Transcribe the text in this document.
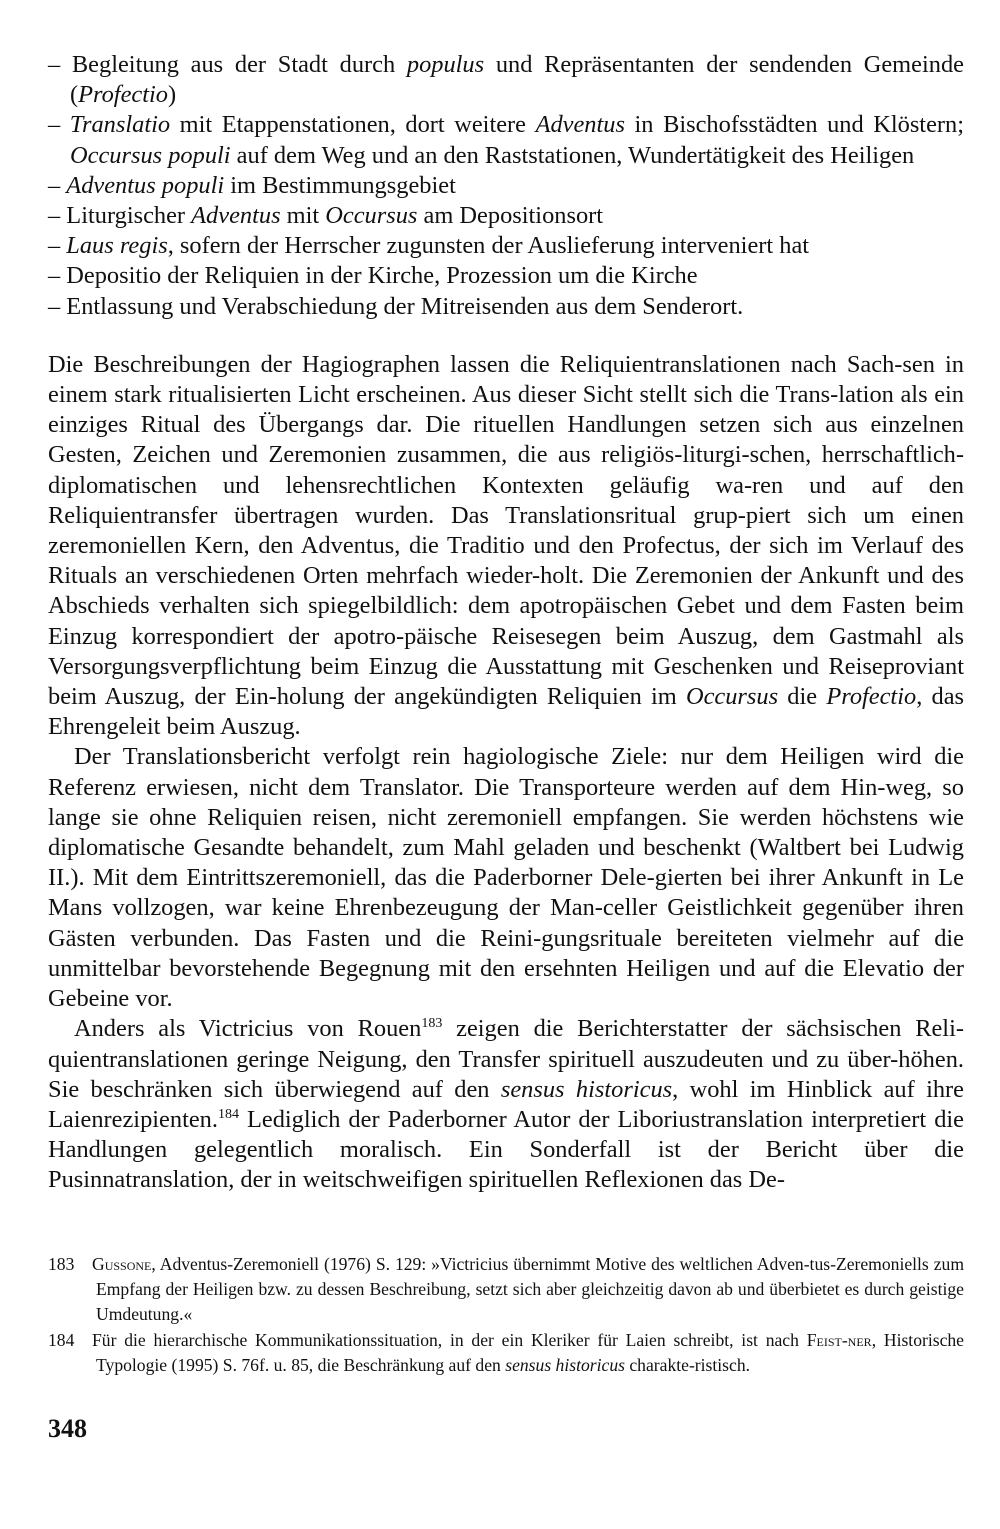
– Begleitung aus der Stadt durch populus und Repräsentanten der sendenden Gemeinde (Profectio)
– Translatio mit Etappenstationen, dort weitere Adventus in Bischofsstädten und Klöstern; Occursus populi auf dem Weg und an den Raststationen, Wundertätigkeit des Heiligen
– Adventus populi im Bestimmungsgebiet
– Liturgischer Adventus mit Occursus am Depositionsort
– Laus regis, sofern der Herrscher zugunsten der Auslieferung interveniert hat
– Depositio der Reliquien in der Kirche, Prozession um die Kirche
– Entlassung und Verabschiedung der Mitreisenden aus dem Senderort.

Die Beschreibungen der Hagiographen lassen die Reliquientranslationen nach Sach-sen in einem stark ritualisierten Licht erscheinen. Aus dieser Sicht stellt sich die Trans-lation als ein einziges Ritual des Übergangs dar. Die rituellen Handlungen setzen sich aus einzelnen Gesten, Zeichen und Zeremonien zusammen, die aus religiös-liturgi-schen, herrschaftlich-diplomatischen und lehensrechtlichen Kontexten geläufig wa-ren und auf den Reliquientransfer übertragen wurden. Das Translationsritual grup-piert sich um einen zeremoniellen Kern, den Adventus, die Traditio und den Profectus, der sich im Verlauf des Rituals an verschiedenen Orten mehrfach wieder-holt. Die Zeremonien der Ankunft und des Abschieds verhalten sich spiegelbildlich: dem apotropäischen Gebet und dem Fasten beim Einzug korrespondiert der apotro-päische Reisesegen beim Auszug, dem Gastmahl als Versorgungsverpflichtung beim Einzug die Ausstattung mit Geschenken und Reiseproviant beim Auszug, der Ein-holung der angekündigten Reliquien im Occursus die Profectio, das Ehrengeleit beim Auszug.

Der Translationsbericht verfolgt rein hagiologische Ziele: nur dem Heiligen wird die Referenz erwiesen, nicht dem Translator. Die Transporteure werden auf dem Hin-weg, so lange sie ohne Reliquien reisen, nicht zeremoniell empfangen. Sie werden höchstens wie diplomatische Gesandte behandelt, zum Mahl geladen und beschenkt (Waltbert bei Ludwig II.). Mit dem Eintrittszeremoniell, das die Paderborner Dele-gierten bei ihrer Ankunft in Le Mans vollzogen, war keine Ehrenbezeugung der Man-celler Geistlichkeit gegenüber ihren Gästen verbunden. Das Fasten und die Reini-gungsrituale bereiteten vielmehr auf die unmittelbar bevorstehende Begegnung mit den ersehnten Heiligen und auf die Elevatio der Gebeine vor.

Anders als Victricius von Rouen$^{183}$ zeigen die Berichterstatter der sächsischen Reli-quientranslationen geringe Neigung, den Transfer spirituell auszudeuten und zu über-höhen. Sie beschränken sich überwiegend auf den sensus historicus, wohl im Hinblick auf ihre Laienrezipienten.$^{184}$ Lediglich der Paderborner Autor der Liboriustranslation interpretiert die Handlungen gelegentlich moralisch. Ein Sonderfall ist der Bericht über die Pusinnatranslation, der in weitschweifigen spirituellen Reflexionen das De-

183 Gussone, Adventus-Zeremoniell (1976) S. 129: »Victricius übernimmt Motive des weltlichen Adven-tus-Zeremoniells zum Empfang der Heiligen bzw. zu dessen Beschreibung, setzt sich aber gleichzeitig davon ab und überbietet es durch geistige Umdeutung.«

184 Für die hierarchische Kommunikationssituation, in der ein Kleriker für Laien schreibt, ist nach Feist-ner, Historische Typologie (1995) S. 76f. u. 85, die Beschränkung auf den sensus historicus charakte-ristisch.

348
